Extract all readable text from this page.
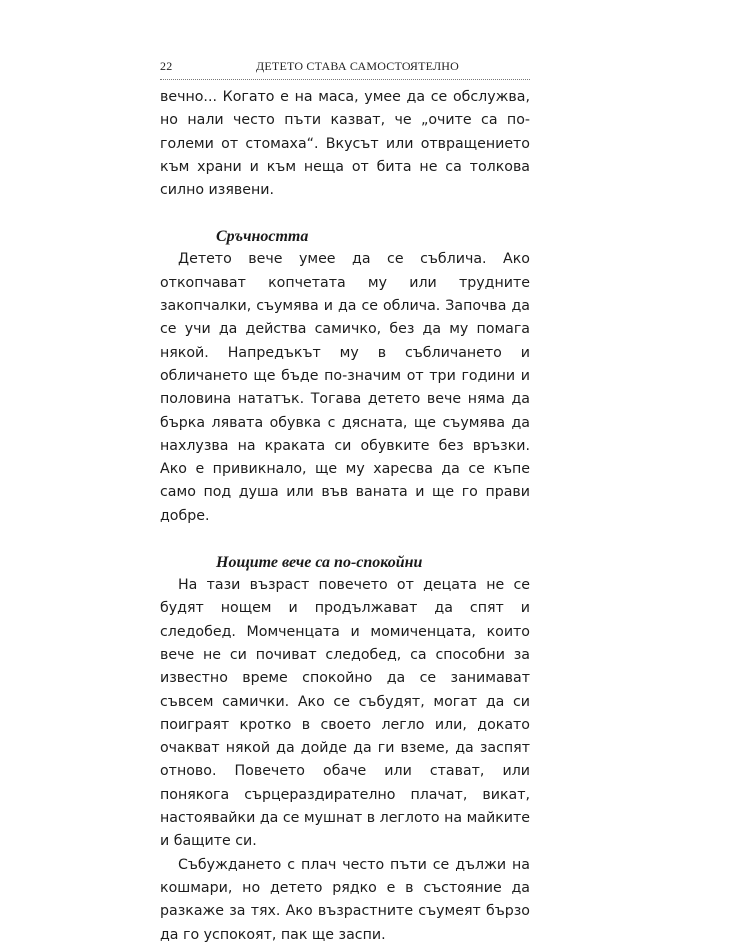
22	ДЕТЕТО СТАВА САМОСТОЯТЕЛНО

вечно... Когато е на маса, умее да се обслужва, но нали често пъти казват, че „очите са по-големи от стомаха“. Вкусът или отвращението към храни и към неща от бита не са толкова силно изявени.

Сръчността

Детето вече умее да се съблича. Ако откопчават копчетата му или трудните закопчалки, съумява и да се облича. Започва да се учи да действа самичко, без да му помага някой. Напредъкът му в събличането и обличането ще бъде по-значим от три години и половина нататък. Тогава детето вече няма да бърка лявата обувка с дясната, ще съумява да нахлузва на краката си обувките без връзки. Ако е привикнало, ще му харесва да се къпе само под душа или във ваната и ще го прави добре.

Нощите вече са по-спокойни

На тази възраст повечето от децата не се будят нощем и продължават да спят и следобед. Момченцата и момиченцата, които вече не си почиват следобед, са способни за известно време спокойно да се занимават съвсем самички. Ако се събудят, могат да си поиграят кротко в своето легло или, докато очакват някой да дойде да ги вземе, да заспят отново. Повечето обаче или стават, или понякога сърцераздирателно плачат, викат, настоявайки да се мушнат в леглото на майките и бащите си.

Събуждането с плач често пъти се дължи на кошмари, но детето рядко е в състояние да разкаже за тях. Ако възрастните съумеят бързо да го успокоят, пак ще заспи.
